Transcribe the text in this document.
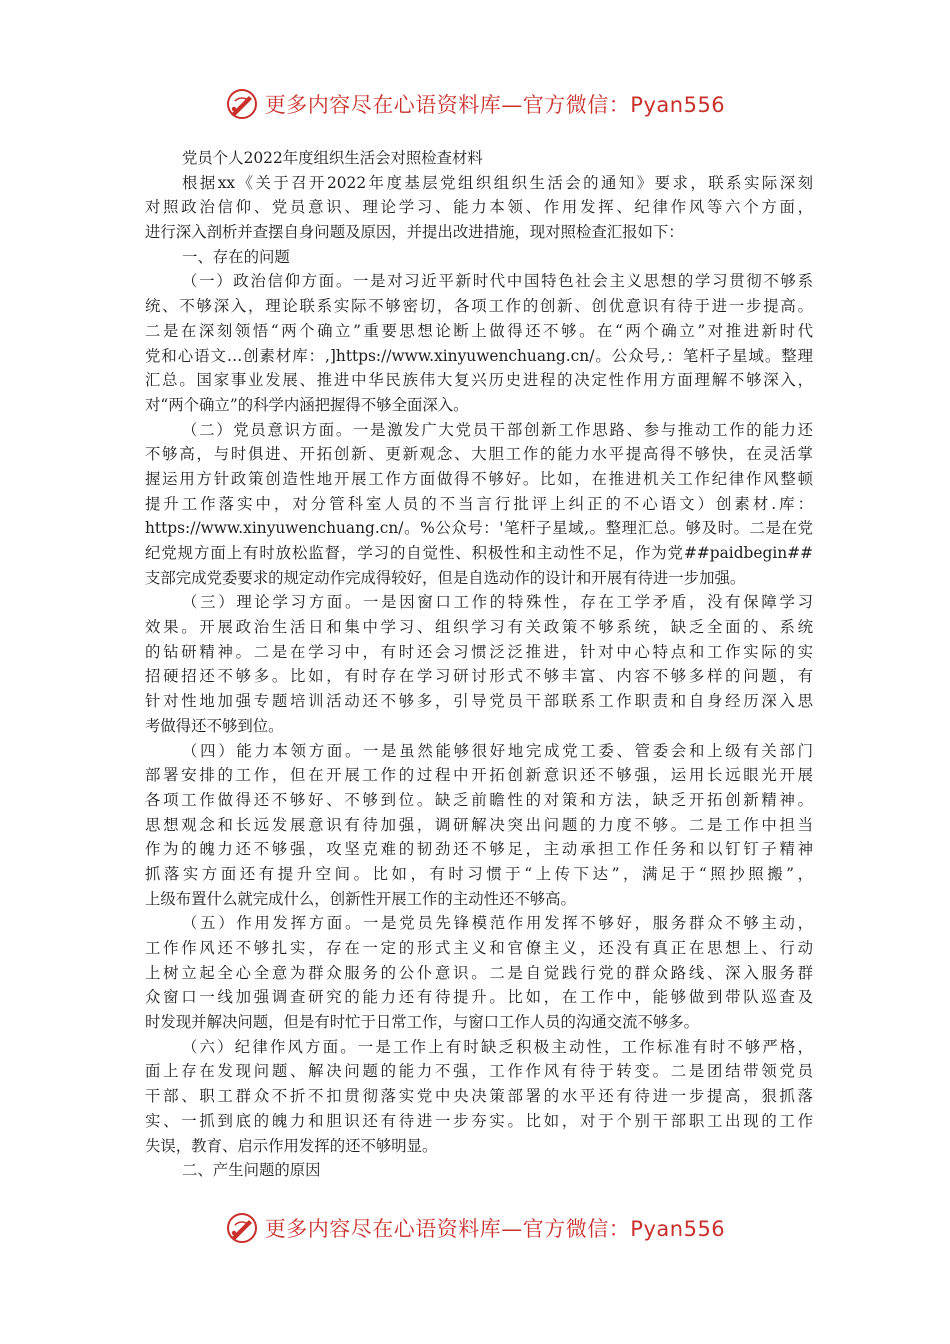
更多内容尽在心语资料库—官方微信：Pyan556
党员个人2022年度组织生活会对照检查材料
根据xx《关于召开2022年度基层党组织组织生活会的通知》要求，联系实际深刻
对照政治信仰、党员意识、理论学习、能力本领、作用发挥、纪律作风等六个方面，
进行深入剖析并查摆自身问题及原因，并提出改进措施，现对照检查汇报如下：
一、存在的问题
（一）政治信仰方面。一是对习近平新时代中国特色社会主义思想的学习贯彻不够系
统、不够深入，理论联系实际不够密切，各项工作的创新、创优意识有待于进一步提高。
二是在深刻领悟“两个确立”重要思想论断上做得还不够。在“两个确立”对推进新时代
党和心语文…创素材库：,]https://www.xinyuwenchuang.cn/。公众号,：笔杆子星域。整理
汇总。国家事业发展、推进中华民族伟大复兴历史进程的决定性作用方面理解不够深入，
对“两个确立”的科学内涵把握得不够全面深入。
（二）党员意识方面。一是激发广大党员干部创新工作思路、参与推动工作的能力还
不够高，与时俱进、开拓创新、更新观念、大胆工作的能力水平提高得不够快，在灵活掌
握运用方针政策创造性地开展工作方面做得不够好。比如，在推进机关工作纪律作风整顿
提升工作落实中，对分管科室人员的不当言行批评上纠正的不心语文）创素材.库：
https://www.xinyuwenchuang.cn/。%公众号：'笔杆子星域,。整理汇总。够及时。二是在党
纪党规方面上有时放松监督，学习的自觉性、积极性和主动性不足，作为党##paidbegin##
支部完成党委要求的规定动作完成得较好，但是自选动作的设计和开展有待进一步加强。
（三）理论学习方面。一是因窗口工作的特殊性，存在工学矛盾，没有保障学习
效果。开展政治生活日和集中学习、组织学习有关政策不够系统，缺乏全面的、系统
的钻研精神。二是在学习中，有时还会习惯泛泛推进，针对中心特点和工作实际的实
招硬招还不够多。比如，有时存在学习研讨形式不够丰富、内容不够多样的问题，有
针对性地加强专题培训活动还不够多，引导党员干部联系工作职责和自身经历深入思
考做得还不够到位。
（四）能力本领方面。一是虽然能够很好地完成党工委、管委会和上级有关部门
部署安排的工作，但在开展工作的过程中开拓创新意识还不够强，运用长远眼光开展
各项工作做得还不够好、不够到位。缺乏前瞻性的对策和方法，缺乏开拓创新精神。
思想观念和长远发展意识有待加强，调研解决突出问题的力度不够。二是工作中担当
作为的魄力还不够强，攻坚克难的韧劲还不够足，主动承担工作任务和以钉钉子精神
抓落实方面还有提升空间。比如，有时习惯于“上传下达”，满足于“照抄照搬”，
上级布置什么就完成什么，创新性开展工作的主动性还不够高。
（五）作用发挥方面。一是党员先锋模范作用发挥不够好，服务群众不够主动，
工作作风还不够扎实，存在一定的形式主义和官僚主义，还没有真正在思想上、行动
上树立起全心全意为群众服务的公仆意识。二是自觉践行党的群众路线、深入服务群
众窗口一线加强调查研究的能力还有待提升。比如，在工作中，能够做到带队巡查及
时发现并解决问题，但是有时忙于日常工作，与窗口工作人员的沟通交流不够多。
（六）纪律作风方面。一是工作上有时缺乏积极主动性，工作标准有时不够严格，
面上存在发现问题、解决问题的能力不强，工作作风有待于转变。二是团结带领党员
干部、职工群众不折不扣贯彻落实党中央决策部署的水平还有待进一步提高，狠抓落
实、一抓到底的魄力和胆识还有待进一步夯实。比如，对于个别干部职工出现的工作
失误，教育、启示作用发挥的还不够明显。
二、产生问题的原因
更多内容尽在心语资料库—官方微信：Pyan556
